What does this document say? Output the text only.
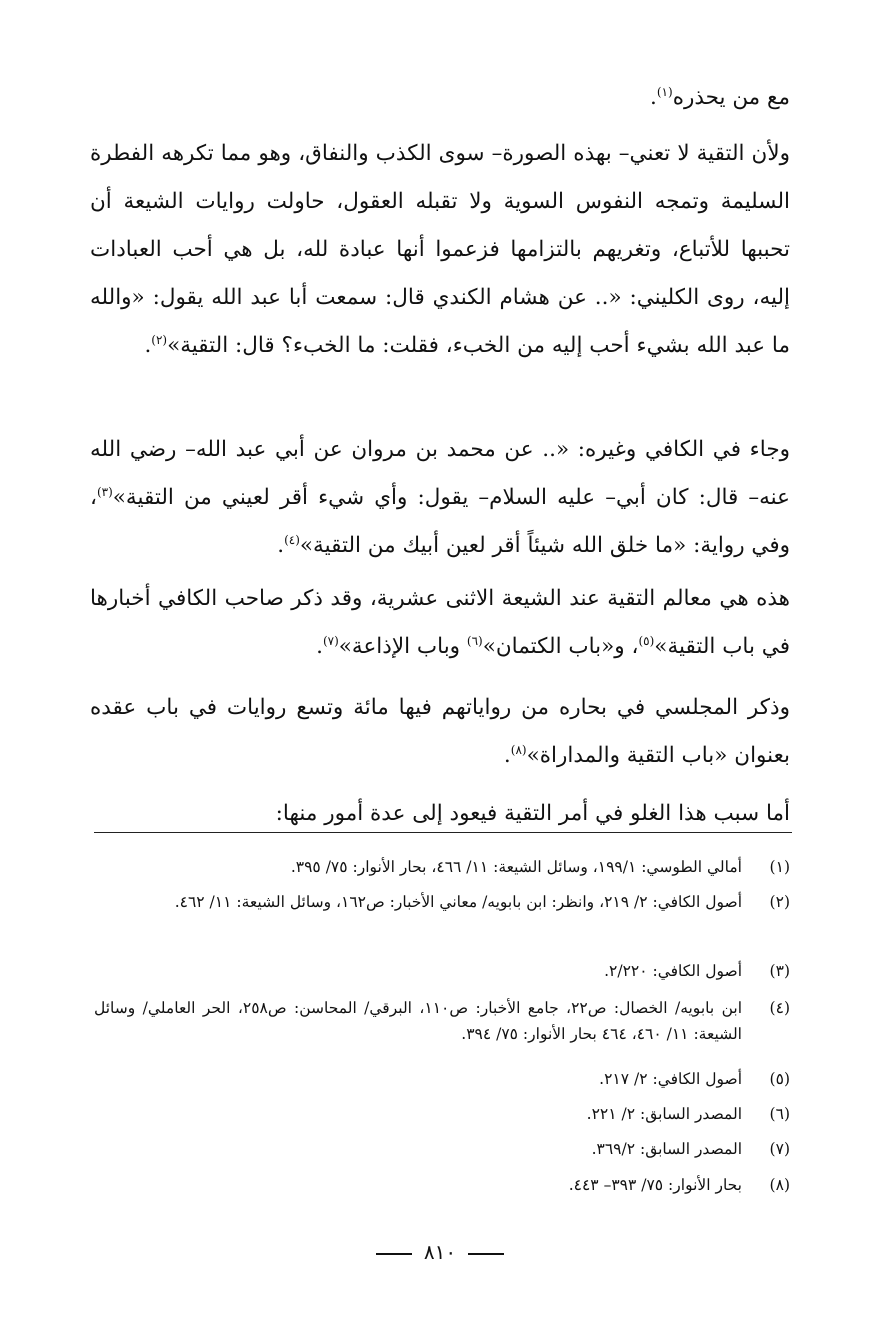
مع من يحذره$^{(١)}$.

ولأن التقية لا تعني– بهذه الصورة– سوى الكذب والنفاق، وهو مما تكرهه الفطرة السليمة وتمجه النفوس السوية ولا تقبله العقول، حاولت روايات الشيعة أن تحببها للأتباع، وتغريهم بالتزامها فزعموا أنها عبادة لله، بل هي أحب العبادات إليه، روى الكليني: «.. عن هشام الكندي قال: سمعت أبا عبد الله يقول: «والله ما عبد الله بشيء أحب إليه من الخبء، فقلت: ما الخبء؟ قال: التقية»$^{(٢)}$.

وجاء في الكافي وغيره: «.. عن محمد بن مروان عن أبي عبد الله– رضي الله عنه– قال: كان أبي– عليه السلام– يقول: وأي شيء أقر لعيني من التقية»$^{(٣)}$، وفي رواية: «ما خلق الله شيئاً أقر لعين أبيك من التقية»$^{(٤)}$.

هذه هي معالم التقية عند الشيعة الاثنى عشرية، وقد ذكر صاحب الكافي أخبارها في باب التقية»$^{(٥)}$، و«باب الكتمان»$^{(٦)}$ وباب الإذاعة»$^{(٧)}$.

وذكر المجلسي في بحاره من رواياتهم فيها مائة وتسع روايات في باب عقده بعنوان «باب التقية والمداراة»$^{(٨)}$.

أما سبب هذا الغلو في أمر التقية فيعود إلى عدة أمور منها:

(١)
أمالي الطوسي: ١٩٩/١، وسائل الشيعة: ١١/ ٤٦٦، بحار الأنوار: ٧٥/ ٣٩٥.
(٢)
أصول الكافي: ٢/ ٢١٩، وانظر: ابن بابويه/ معاني الأخبار: ص١٦٢، وسائل الشيعة: ١١/ ٤٦٢.
(٣)
أصول الكافي: ٢/٢٢٠.
(٤)
ابن بابويه/ الخصال: ص٢٢، جامع الأخبار: ص١١٠، البرقي/ المحاسن: ص٢٥٨، الحر العاملي/ وسائل الشيعة: ١١/ ٤٦٠، ٤٦٤ بحار الأنوار: ٧٥/ ٣٩٤.
(٥)
أصول الكافي: ٢/ ٢١٧.
(٦)
المصدر السابق: ٢/ ٢٢١.
(٧)
المصدر السابق: ٣٦٩/٢.
(٨)
بحار الأنوار: ٧٥/ ٣٩٣– ٤٤٣.
٨١٠
